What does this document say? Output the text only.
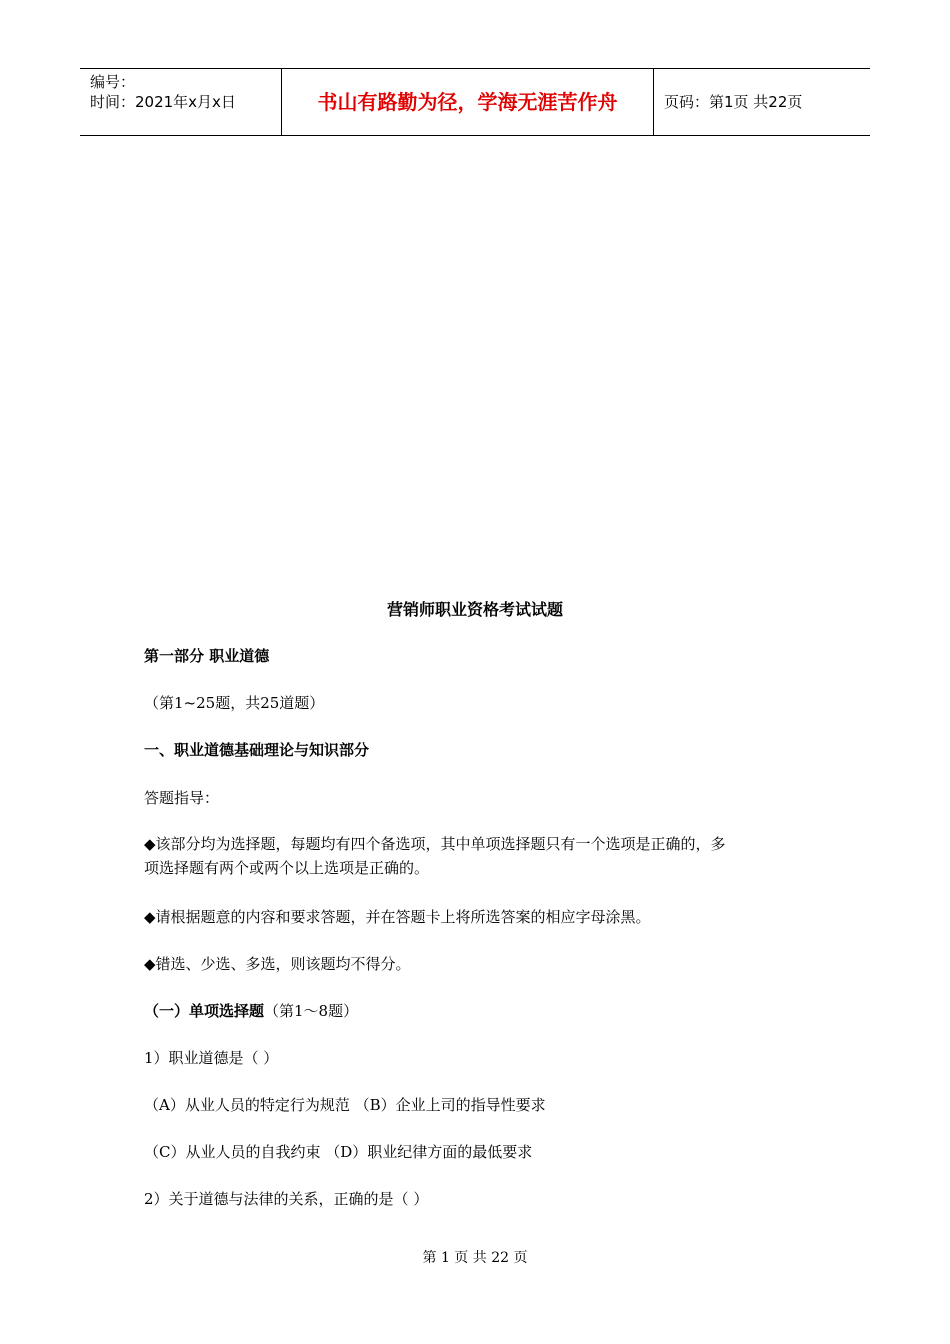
编号：
时间：2021年x月x日	书山有路勤为径，学海无涯苦作舟	页码：第1页 共22页
营销师职业资格考试试题
第一部分 职业道德
（第1~25题，共25道题）
一、职业道德基础理论与知识部分
答题指导：
◆该部分均为选择题，每题均有四个备选项，其中单项选择题只有一个选项是正确的，多
项选择题有两个或两个以上选项是正确的。
◆请根据题意的内容和要求答题，并在答题卡上将所选答案的相应字母涂黑。
◆错选、少选、多选，则该题均不得分。
（一）单项选择题（第1～8题）
1）职业道德是（ ）
（A）从业人员的特定行为规范 （B）企业上司的指导性要求
（C）从业人员的自我约束 （D）职业纪律方面的最低要求
2）关于道德与法律的关系，正确的是（ ）
第 1 页 共 22 页
